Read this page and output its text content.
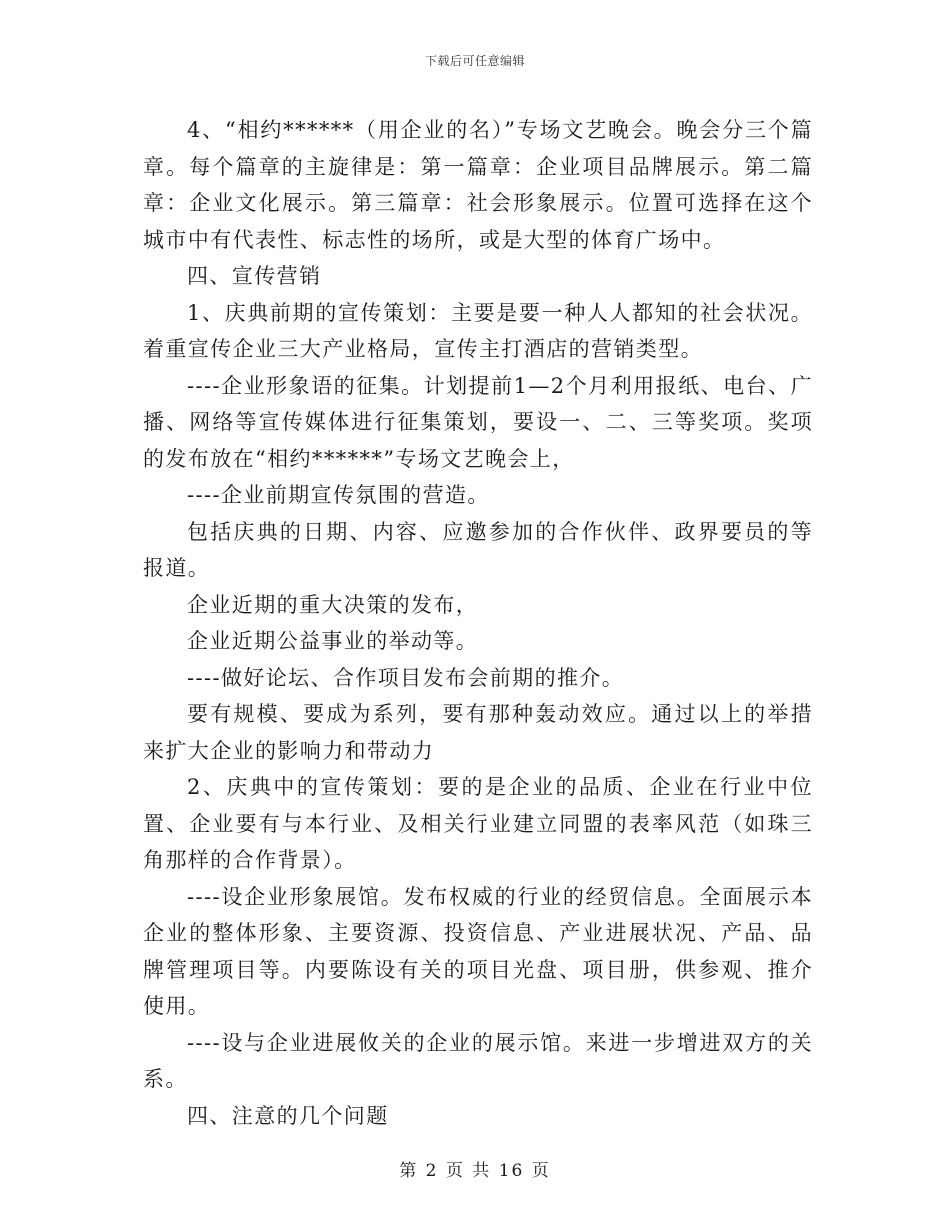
下载后可任意编辑

4、“相约******（用企业的名）”专场文艺晚会。晚会分三个篇章。每个篇章的主旋律是：第一篇章：企业项目品牌展示。第二篇章：企业文化展示。第三篇章：社会形象展示。位置可选择在这个城市中有代表性、标志性的场所，或是大型的体育广场中。

四、宣传营销

1、庆典前期的宣传策划：主要是要一种人人都知的社会状况。着重宣传企业三大产业格局，宣传主打酒店的营销类型。

----企业形象语的征集。计划提前1—2个月利用报纸、电台、广播、网络等宣传媒体进行征集策划，要设一、二、三等奖项。奖项的发布放在“相约******”专场文艺晚会上，

----企业前期宣传氛围的营造。

包括庆典的日期、内容、应邀参加的合作伙伴、政界要员的等报道。

企业近期的重大决策的发布，

企业近期公益事业的举动等。

----做好论坛、合作项目发布会前期的推介。

要有规模、要成为系列，要有那种轰动效应。通过以上的举措来扩大企业的影响力和带动力

2、庆典中的宣传策划：要的是企业的品质、企业在行业中位置、企业要有与本行业、及相关行业建立同盟的表率风范（如珠三角那样的合作背景）。

----设企业形象展馆。发布权威的行业的经贸信息。全面展示本企业的整体形象、主要资源、投资信息、产业进展状况、产品、品牌管理项目等。内要陈设有关的项目光盘、项目册，供参观、推介使用。

----设与企业进展攸关的企业的展示馆。来进一步增进双方的关系。

四、注意的几个问题

第 2 页 共 16 页
